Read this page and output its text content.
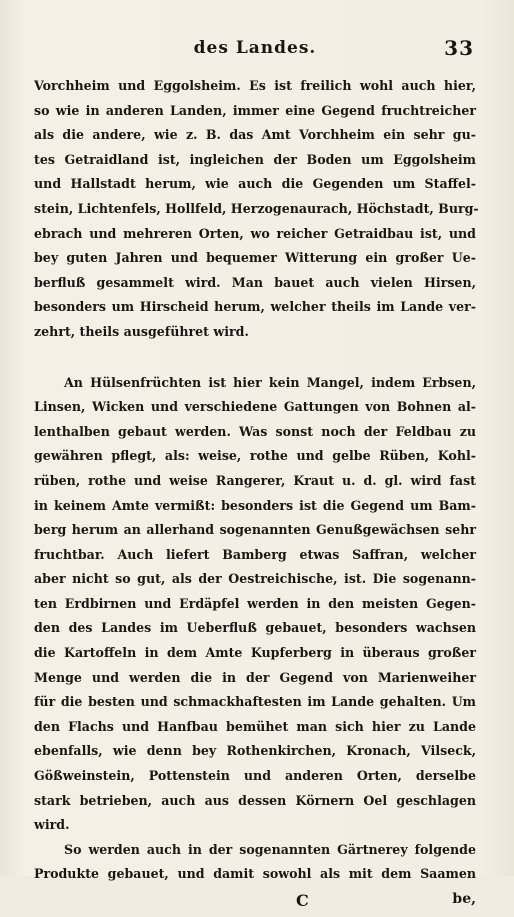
des Landes.	33
Vorchheim und Eggolsheim. Es ist freilich wohl auch hier,
so wie in anderen Landen, immer eine Gegend fruchtreicher
als die andere, wie z. B. das Amt Vorchheim ein sehr gu-
tes Getraidland ist, ingleichen der Boden um Eggolsheim
und Hallstadt herum, wie auch die Gegenden um Staffel-
stein, Lichtenfels, Hollfeld, Herzogenaurach, Höchstadt, Burg-
ebrach und mehreren Orten, wo reicher Getraidbau ist, und
bey guten Jahren und bequemer Witterung ein großer Ue-
berfluß gesammelt wird. Man bauet auch vielen Hirsen,
besonders um Hirscheid herum, welcher theils im Lande ver-
zehrt, theils ausgeführet wird.
An Hülsenfrüchten ist hier kein Mangel, indem Erbsen,
Linsen, Wicken und verschiedene Gattungen von Bohnen al-
lenthalben gebaut werden. Was sonst noch der Feldbau zu
gewähren pflegt, als: weise, rothe und gelbe Rüben, Kohl-
rüben, rothe und weise Rangerer, Kraut u. d. gl. wird fast
in keinem Amte vermißt: besonders ist die Gegend um Bam-
berg herum an allerhand sogenannten Genußgewächsen sehr
fruchtbar. Auch liefert Bamberg etwas Saffran, welcher
aber nicht so gut, als der Oestreichische, ist. Die sogenann-
ten Erdbirnen und Erdäpfel werden in den meisten Gegen-
den des Landes im Ueberfluß gebauet, besonders wachsen
die Kartoffeln in dem Amte Kupferberg in überaus großer
Menge und werden die in der Gegend von Marienweiher
für die besten und schmackhaftesten im Lande gehalten. Um
den Flachs und Hanfbau bemühet man sich hier zu Lande
ebenfalls, wie denn bey Rothenkirchen, Kronach, Vilseck,
Gößweinstein, Pottenstein und anderen Orten, derselbe
stark betrieben, auch aus dessen Körnern Oel geschlagen
wird.
So werden auch in der sogenannten Gärtnerey folgende
Produkte gebauet, und damit sowohl als mit dem Saamen
C	be,
